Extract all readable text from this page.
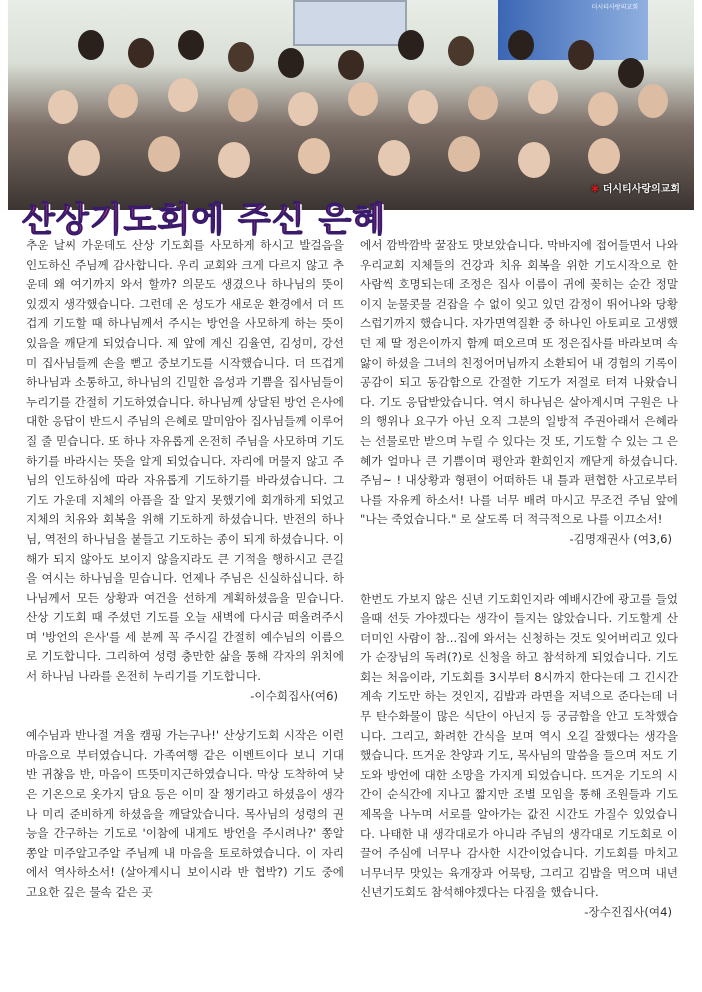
더시티사랑의교회
✱ 더시티사랑의교회
산상기도회에 주신 은혜

추운 날씨 가운데도 산상 기도회를 사모하게 하시고 발걸음을 인도하신 주님께 감사합니다. 우리 교회와 크게 다르지 않고 추운데 왜 여기까지 와서 할까? 의문도 생겼으나 하나님의 뜻이 있겠지 생각했습니다. 그런데 온 성도가 새로운 환경에서 더 뜨겁게 기도할 때 하나님께서 주시는 방언을 사모하게 하는 뜻이 있음을 깨닫게 되었습니다. 제 앞에 계신 김율연, 김성미, 강선미 집사님들께 손을 뻗고 중보기도를 시작했습니다. 더 뜨겁게 하나님과 소통하고, 하나님의 긴밀한 음성과 기쁨을 집사님들이 누리기를 간절히 기도하였습니다. 하나님께 상달된 방언 은사에 대한 응답이 반드시 주님의 은혜로 말미암아 집사님들께 이루어질 줄 믿습니다. 또 하나 자유롭게 온전히 주님을 사모하며 기도하기를 바라시는 뜻을 알게 되었습니다. 자리에 머물지 않고 주님의 인도하심에 따라 자유롭게 기도하기를 바라셨습니다. 그 기도 가운데 지체의 아픔을 잘 알지 못했기에 회개하게 되었고 지체의 치유와 회복을 위해 기도하게 하셨습니다. 반전의 하나님, 역전의 하나님을 붙들고 기도하는 종이 되게 하셨습니다. 이해가 되지 않아도 보이지 않을지라도 큰 기적을 행하시고 큰길을 여시는 하나님을 믿습니다. 언제나 주님은 신실하십니다. 하나님께서 모든 상황과 여건을 선하게 계획하셨음을 믿습니다. 산상 기도회 때 주셨던 기도를 오늘 새벽에 다시금 떠올려주시며 '방언의 은사'를 세 분께 꼭 주시길 간절히 예수님의 이름으로 기도합니다. 그리하여 성령 충만한 삶을 통해 각자의 위치에서 하나님 나라를 온전히 누리기를 기도합니다.

-이수희집사(여6)

예수님과 반나절 겨울 캠핑 가는구나!' 산상기도회 시작은 이런 마음으로 부터였습니다. 가족여행 같은 이벤트이다 보니 기대 반 귀찮음 반, 마음이 뜨뜻미지근하였습니다. 막상 도착하여 낮은 기온으로 옷가지 담요 등은 이미 잘 챙기라고 하셨음이 생각나 미리 준비하게 하셨음을 깨달았습니다. 목사님의 성령의 권능을 간구하는 기도로 '이참에 내게도 방언을 주시려나?' 쫑알쫑알 미주알고주알 주님께 내 마음을 토로하였습니다. 이 자리에서 역사하소서! (살아계시니 보이시라 반 협박?) 기도 중에 고요한 깊은 물속 같은 곳

에서 깜박깜박 꿀잠도 맛보았습니다. 막바지에 접어들면서 나와 우리교회 지체들의 건강과 치유 회복을 위한 기도시작으로 한 사람씩 호명되는데 조정은 집사 이름이 귀에 꽂히는 순간 정말이지 눈물콧물 걷잡을 수 없이 잊고 있던 감정이 뛰어나와 당황스럽기까지 했습니다. 자가면역질환 중 하나인 아토피로 고생했던 제 딸 정은이까지 함께 떠오르며 또 정은집사를 바라보며 속앓이 하셨을 그녀의 친정어머님까지 소환되어 내 경험의 기록이 공감이 되고 동감함으로 간절한 기도가 저절로 터져 나왔습니다. 기도 응답받았습니다. 역시 하나님은 살아계시며 구원은 나의 행위나 요구가 아닌 오직 그분의 일방적 주권아래서 은혜라는 선물로만 받으며 누릴 수 있다는 것 또, 기도할 수 있는 그 은혜가 얼마나 큰 기쁨이며 평안과 환희인지 깨닫게 하셨습니다. 주님~ ! 내상황과 형편이 어떠하든 내 틀과 편협한 사고로부터 나를 자유케 하소서! 나를 너무 배려 마시고 무조건 주님 앞에 "나는 죽었습니다." 로 살도록 더 적극적으로 나를 이끄소서!

-김명재권사 (여3,6)

한번도 가보지 않은 신년 기도회인지라 예배시간에 광고를 들었을때 선듯 가야겠다는 생각이 들지는 않았습니다. 기도할게 산더미인 사람이 참...집에 와서는 신청하는 것도 잊어버리고 있다가 순장님의 독려(?)로 신청을 하고 참석하게 되었습니다. 기도회는 처음이라, 기도회를 3시부터 8시까지 한다는데 그 긴시간 계속 기도만 하는 것인지, 김밥과 라면을 저녁으로 준다는데 너무 탄수화물이 많은 식단이 아닌지 등 궁금함을 안고 도착했습니다. 그리고, 화려한 간식을 보며 역시 오길 잘했다는 생각을 했습니다. 뜨거운 찬양과 기도, 목사님의 말씀을 들으며 저도 기도와 방언에 대한 소망을 가지게 되었습니다. 뜨거운 기도의 시간이 순식간에 지나고 짧지만 조별 모임을 통해 조원들과 기도제목을 나누며 서로를 알아가는 값진 시간도 가질수 있었습니다. 나태한 내 생각대로가 아니라 주님의 생각대로 기도회로 이끌어 주심에 너무나 감사한 시간이었습니다. 기도회를 마치고 너무너무 맛있는 육개장과 어묵탕, 그리고 김밥을 먹으며 내년 신년기도회도 참석해야겠다는 다짐을 했습니다.

-장수진집사(여4)
